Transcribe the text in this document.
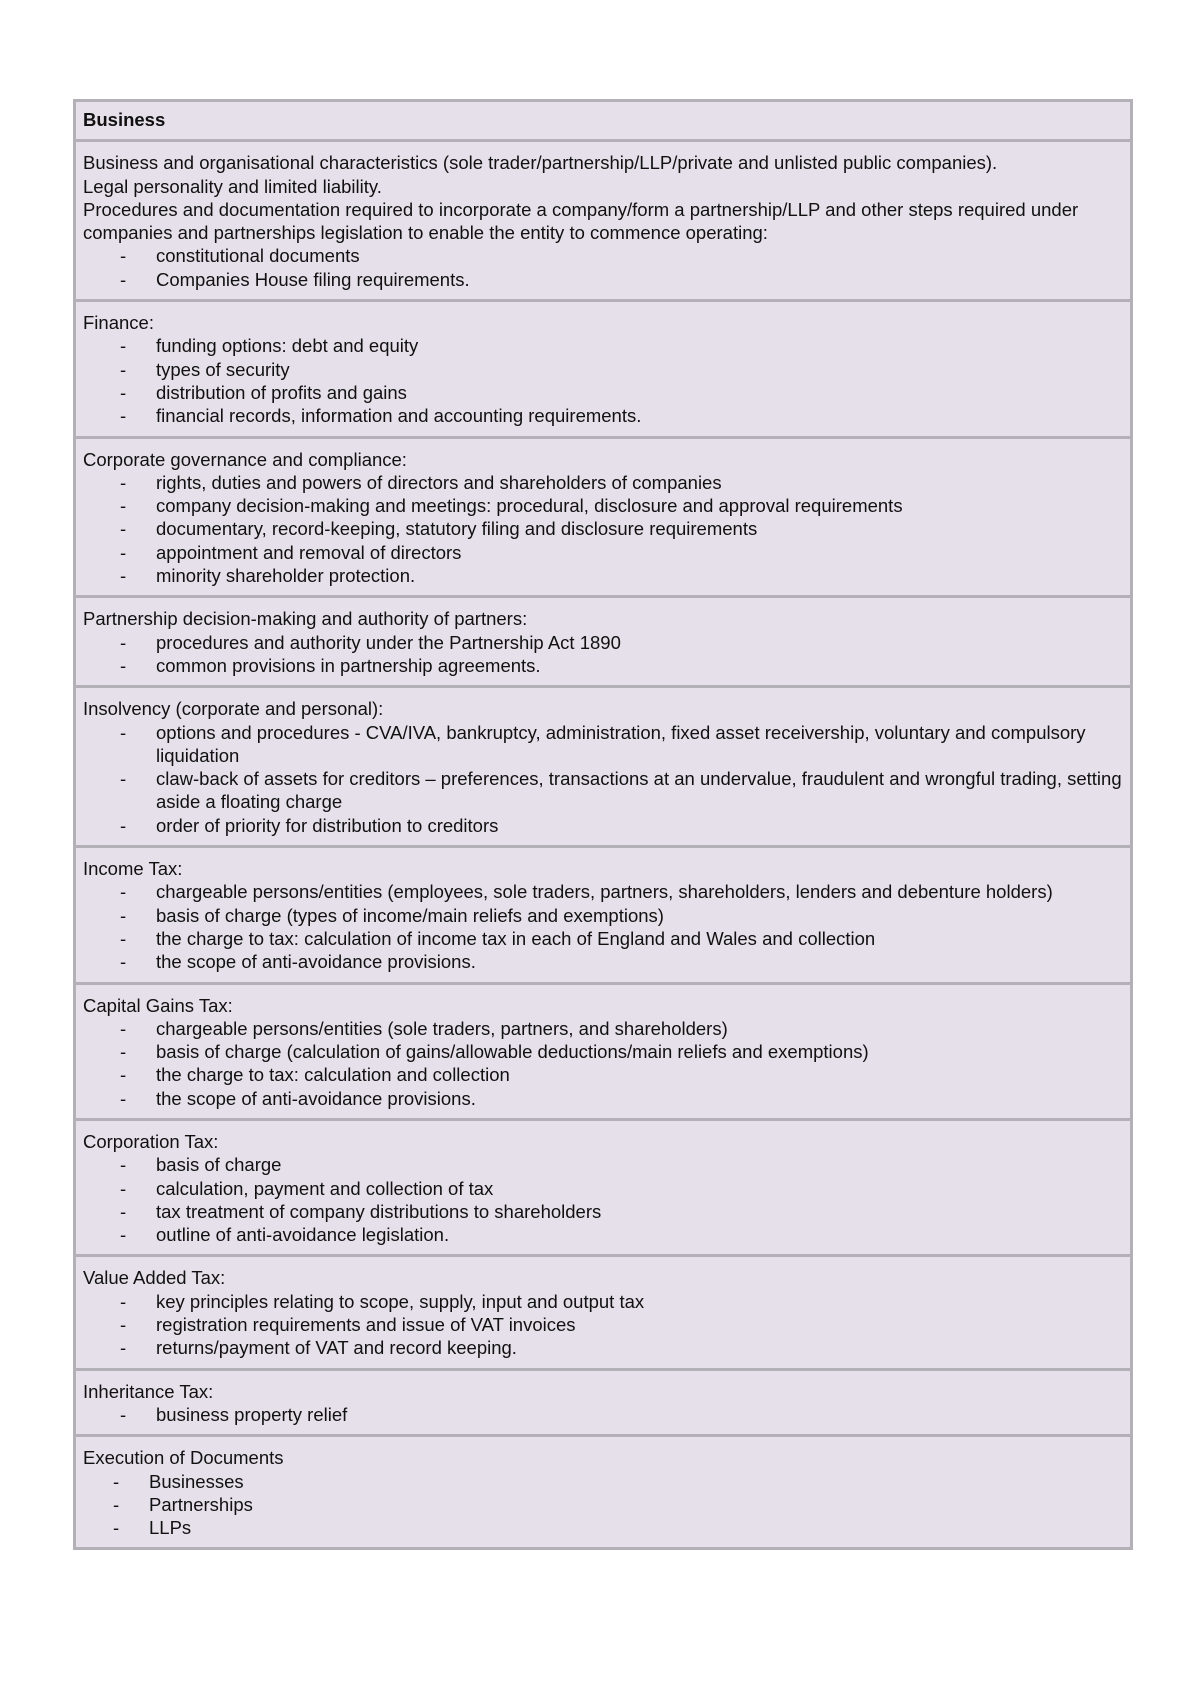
Business
Business and organisational characteristics (sole trader/partnership/LLP/private and unlisted public companies).
Legal personality and limited liability.
Procedures and documentation required to incorporate a company/form a partnership/LLP and other steps required under companies and partnerships legislation to enable the entity to commence operating:
- constitutional documents
- Companies House filing requirements.
Finance:
- funding options: debt and equity
- types of security
- distribution of profits and gains
- financial records, information and accounting requirements.
Corporate governance and compliance:
- rights, duties and powers of directors and shareholders of companies
- company decision-making and meetings: procedural, disclosure and approval requirements
- documentary, record-keeping, statutory filing and disclosure requirements
- appointment and removal of directors
- minority shareholder protection.
Partnership decision-making and authority of partners:
- procedures and authority under the Partnership Act 1890
- common provisions in partnership agreements.
Insolvency (corporate and personal):
- options and procedures - CVA/IVA, bankruptcy, administration, fixed asset receivership, voluntary and compulsory liquidation
- claw-back of assets for creditors – preferences, transactions at an undervalue, fraudulent and wrongful trading, setting aside a floating charge
- order of priority for distribution to creditors
Income Tax:
- chargeable persons/entities (employees, sole traders, partners, shareholders, lenders and debenture holders)
- basis of charge (types of income/main reliefs and exemptions)
- the charge to tax: calculation of income tax in each of England and Wales and collection
- the scope of anti-avoidance provisions.
Capital Gains Tax:
- chargeable persons/entities (sole traders, partners, and shareholders)
- basis of charge (calculation of gains/allowable deductions/main reliefs and exemptions)
- the charge to tax: calculation and collection
- the scope of anti-avoidance provisions.
Corporation Tax:
- basis of charge
- calculation, payment and collection of tax
- tax treatment of company distributions to shareholders
- outline of anti-avoidance legislation.
Value Added Tax:
- key principles relating to scope, supply, input and output tax
- registration requirements and issue of VAT invoices
- returns/payment of VAT and record keeping.
Inheritance Tax:
- business property relief
Execution of Documents
- Businesses
- Partnerships
- LLPs
